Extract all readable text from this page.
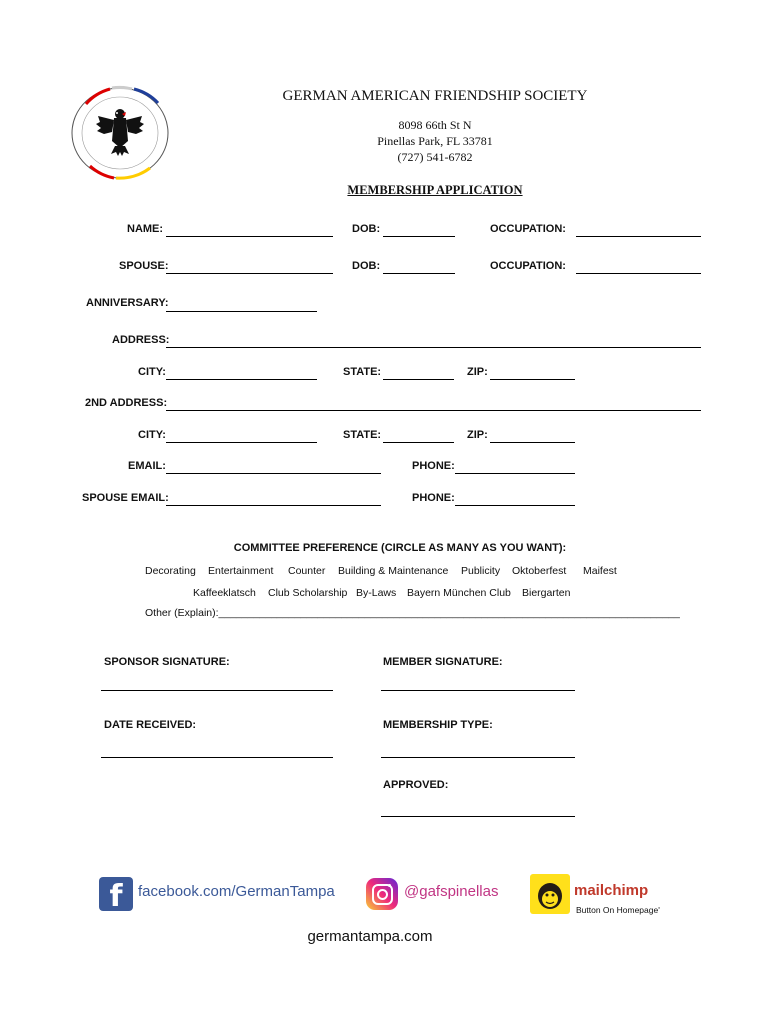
GERMAN AMERICAN FRIENDSHIP SOCIETY
8098 66th St N
Pinellas Park, FL 33781
(727) 541-6782
MEMBERSHIP APPLICATION
NAME:	DOB:	OCCUPATION:
SPOUSE:	DOB:	OCCUPATION:
ANNIVERSARY:
ADDRESS:
CITY:	STATE:	ZIP:
2ND ADDRESS:
CITY:	STATE:	ZIP:
EMAIL:	PHONE:
SPOUSE EMAIL:	PHONE:
COMMITTEE PREFERENCE (CIRCLE AS MANY AS YOU WANT):
Decorating Entertainment Counter Building & Maintenance Publicity Oktoberfest Maifest
Kaffeeklatsch Club Scholarship By-Laws Bayern München Club Biergarten
Other (Explain):_______________________________________________________________________________
SPONSOR SIGNATURE:	MEMBER SIGNATURE:
DATE RECEIVED:	MEMBERSHIP TYPE:
APPROVED:
f	facebook.com/GermanTampa	@gafspinellas	mailchimp
Button On Homepage'
germantampa.com
